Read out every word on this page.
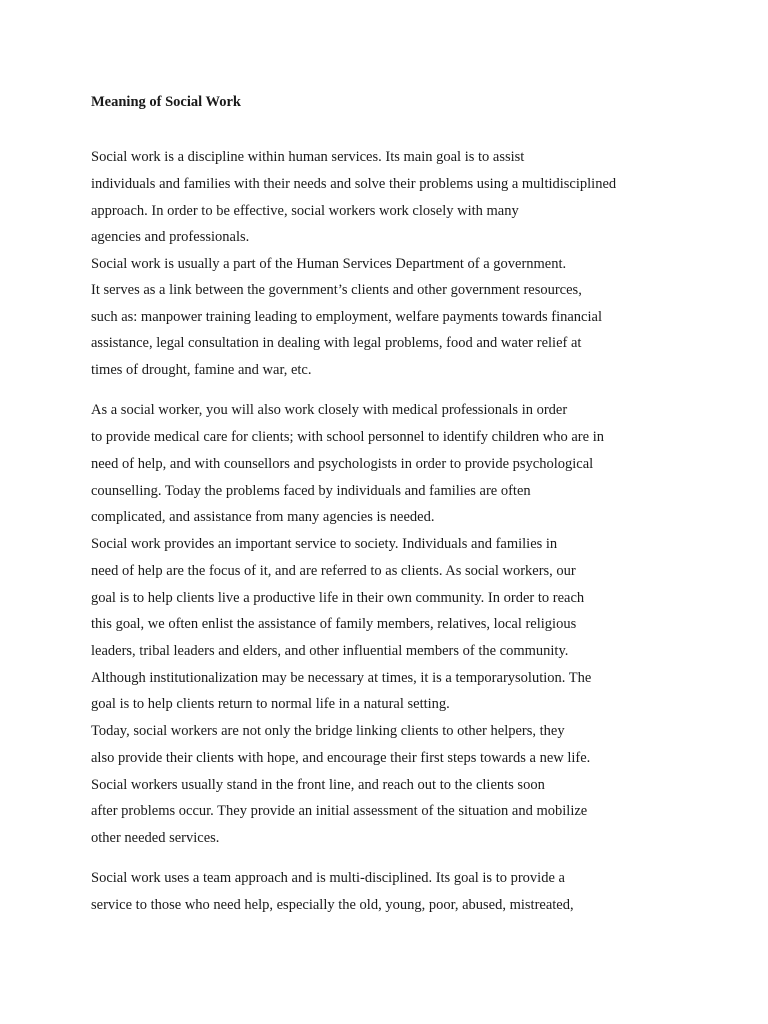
Meaning of Social Work
Social work is a discipline within human services. Its main goal is to assist
individuals and families with their needs and solve their problems using a multidisciplined
approach. In order to be effective, social workers work closely with many
agencies and professionals.
Social work is usually a part of the Human Services Department of a government.
It serves as a link between the government’s clients and other government resources,
such as: manpower training leading to employment, welfare payments towards financial
assistance, legal consultation in dealing with legal problems, food and water relief at
times of drought, famine and war, etc.
As a social worker, you will also work closely with medical professionals in order
to provide medical care for clients; with school personnel to identify children who are in
need of help, and with counsellors and psychologists in order to provide psychological
counselling. Today the problems faced by individuals and families are often
complicated, and assistance from many agencies is needed.
Social work provides an important service to society. Individuals and families in
need of help are the focus of it, and are referred to as clients. As social workers, our
goal is to help clients live a productive life in their own community. In order to reach
this goal, we often enlist the assistance of family members, relatives, local religious
leaders, tribal leaders and elders, and other influential members of the community.
Although institutionalization may be necessary at times, it is a temporarysolution. The
goal is to help clients return to normal life in a natural setting.
Today, social workers are not only the bridge linking clients to other helpers, they
also provide their clients with hope, and encourage their first steps towards a new life.
Social workers usually stand in the front line, and reach out to the clients soon
after problems occur. They provide an initial assessment of the situation and mobilize
other needed services.
Social work uses a team approach and is multi-disciplined. Its goal is to provide a
service to those who need help, especially the old, young, poor, abused, mistreated,
